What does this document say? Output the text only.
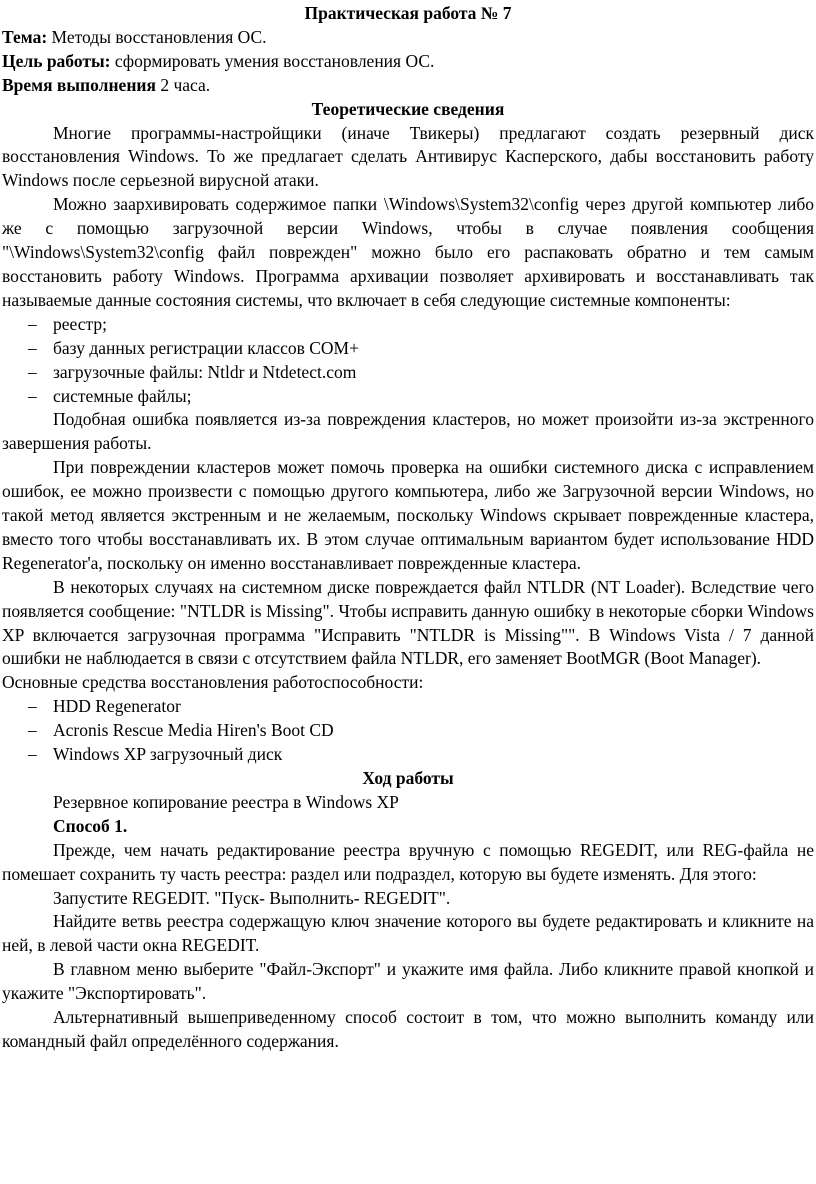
Практическая работа № 7

Тема: Методы восстановления ОС.

Цель работы: сформировать умения восстановления ОС.

Время выполнения 2 часа.

Теоретические сведения

Многие программы-настройщики (иначе Твикеры) предлагают создать резервный диск восстановления Windows. То же предлагает сделать Антивирус Касперского, дабы восстановить работу Windows после серьезной вирусной атаки.

Можно заархивировать содержимое папки \Windows\System32\config через другой компьютер либо же с помощью загрузочной версии Windows, чтобы в случае появления сообщения "\Windows\System32\config файл поврежден" можно было его распаковать обратно и тем самым восстановить работу Windows. Программа архивации позволяет архивировать и восстанавливать так называемые данные состояния системы, что включает в себя следующие системные компоненты:

– реестр;
– базу данных регистрации классов COM+
– загрузочные файлы: Ntldr и Ntdetect.com
– системные файлы;

Подобная ошибка появляется из-за повреждения кластеров, но может произойти из-за экстренного завершения работы.

При повреждении кластеров может помочь проверка на ошибки системного диска с исправлением ошибок, ее можно произвести с помощью другого компьютера, либо же Загрузочной версии Windows, но такой метод является экстренным и не желаемым, поскольку Windows скрывает поврежденные кластера, вместо того чтобы восстанавливать их. В этом случае оптимальным вариантом будет использование HDD Regenerator'a, поскольку он именно восстанавливает поврежденные кластера.

В некоторых случаях на системном диске повреждается файл NTLDR (NT Loader). Вследствие чего появляется сообщение: "NTLDR is Missing". Чтобы исправить данную ошибку в некоторые сборки Windows XP включается загрузочная программа "Исправить "NTLDR is Missing"". В Windows Vista / 7 данной ошибки не наблюдается в связи с отсутствием файла NTLDR, его заменяет BootMGR (Boot Manager).

Основные средства восстановления работоспособности:

– HDD Regenerator
– Acronis Rescue Media Hiren's Boot CD
– Windows XP загрузочный диск

Ход работы

Резервное копирование реестра в Windows XP

Способ 1.

Прежде, чем начать редактирование реестра вручную с помощью REGEDIT, или REG-файла не помешает сохранить ту часть реестра: раздел или подраздел, которую вы будете изменять. Для этого:

Запустите REGEDIT. "Пуск- Выполнить- REGEDIT".

Найдите ветвь реестра содержащую ключ значение которого вы будете редактировать и кликните на ней, в левой части окна REGEDIT.

В главном меню выберите "Файл-Экспорт" и укажите имя файла. Либо кликните правой кнопкой и укажите "Экспортировать".

Альтернативный вышеприведенному способ состоит в том, что можно выполнить команду или командный файл определённого содержания.
